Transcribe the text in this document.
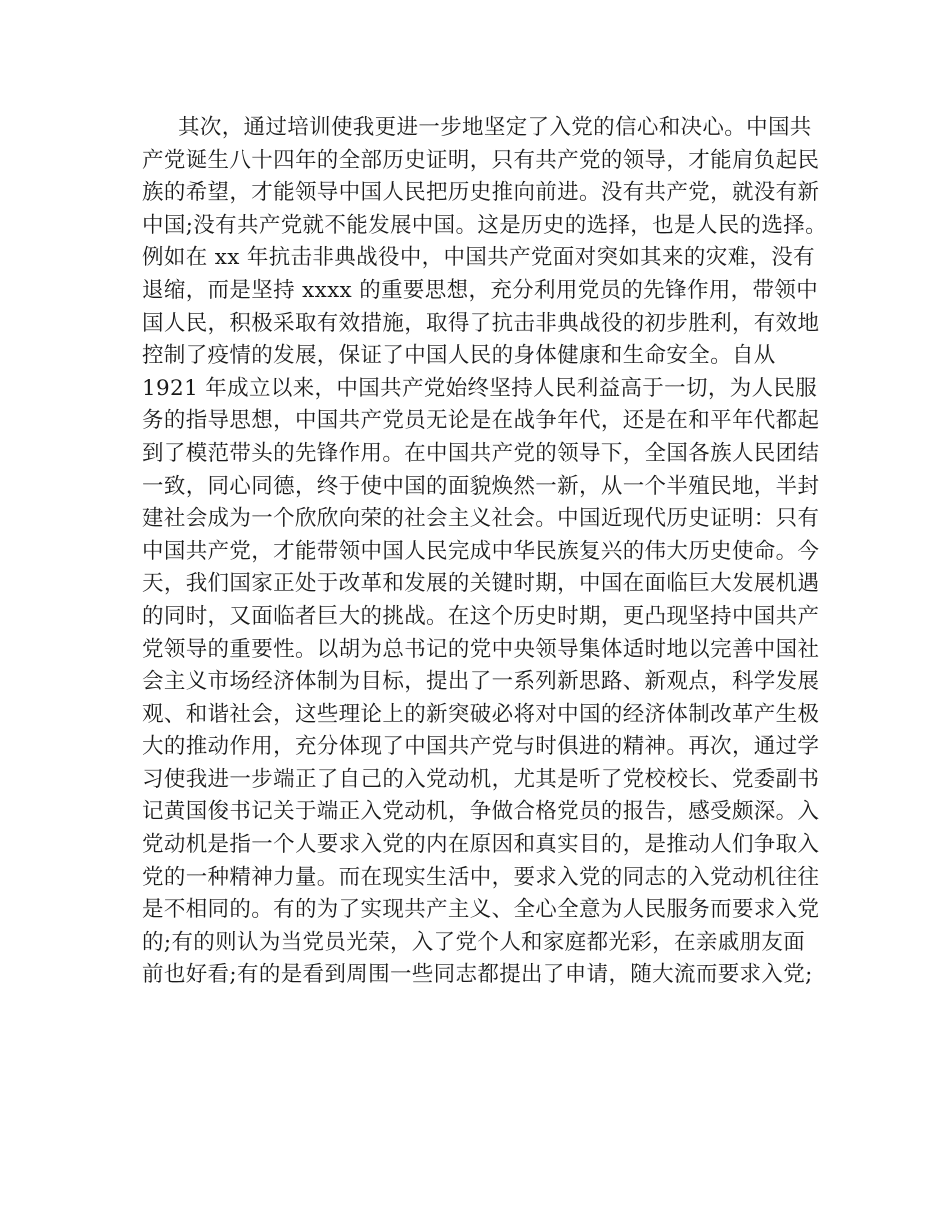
其次，通过培训使我更进一步地坚定了入党的信心和决心。中国共
产党诞生八十四年的全部历史证明，只有共产党的领导，才能肩负起民
族的希望，才能领导中国人民把历史推向前进。没有共产党，就没有新
中国;没有共产党就不能发展中国。这是历史的选择，也是人民的选择。
例如在 xx 年抗击非典战役中，中国共产党面对突如其来的灾难，没有
退缩，而是坚持 xxxx 的重要思想，充分利用党员的先锋作用，带领中
国人民，积极采取有效措施，取得了抗击非典战役的初步胜利，有效地
控制了疫情的发展，保证了中国人民的身体健康和生命安全。自从
1921 年成立以来，中国共产党始终坚持人民利益高于一切，为人民服
务的指导思想，中国共产党员无论是在战争年代，还是在和平年代都起
到了模范带头的先锋作用。在中国共产党的领导下，全国各族人民团结
一致，同心同德，终于使中国的面貌焕然一新，从一个半殖民地，半封
建社会成为一个欣欣向荣的社会主义社会。中国近现代历史证明：只有
中国共产党，才能带领中国人民完成中华民族复兴的伟大历史使命。今
天，我们国家正处于改革和发展的关键时期，中国在面临巨大发展机遇
的同时，又面临者巨大的挑战。在这个历史时期，更凸现坚持中国共产
党领导的重要性。以胡为总书记的党中央领导集体适时地以完善中国社
会主义市场经济体制为目标，提出了一系列新思路、新观点，科学发展
观、和谐社会，这些理论上的新突破必将对中国的经济体制改革产生极
大的推动作用，充分体现了中国共产党与时俱进的精神。再次，通过学
习使我进一步端正了自己的入党动机，尤其是听了党校校长、党委副书
记黄国俊书记关于端正入党动机，争做合格党员的报告，感受颇深。入
党动机是指一个人要求入党的内在原因和真实目的，是推动人们争取入
党的一种精神力量。而在现实生活中，要求入党的同志的入党动机往往
是不相同的。有的为了实现共产主义、全心全意为人民服务而要求入党
的;有的则认为当党员光荣，入了党个人和家庭都光彩，在亲戚朋友面
前也好看;有的是看到周围一些同志都提出了申请，随大流而要求入党;
